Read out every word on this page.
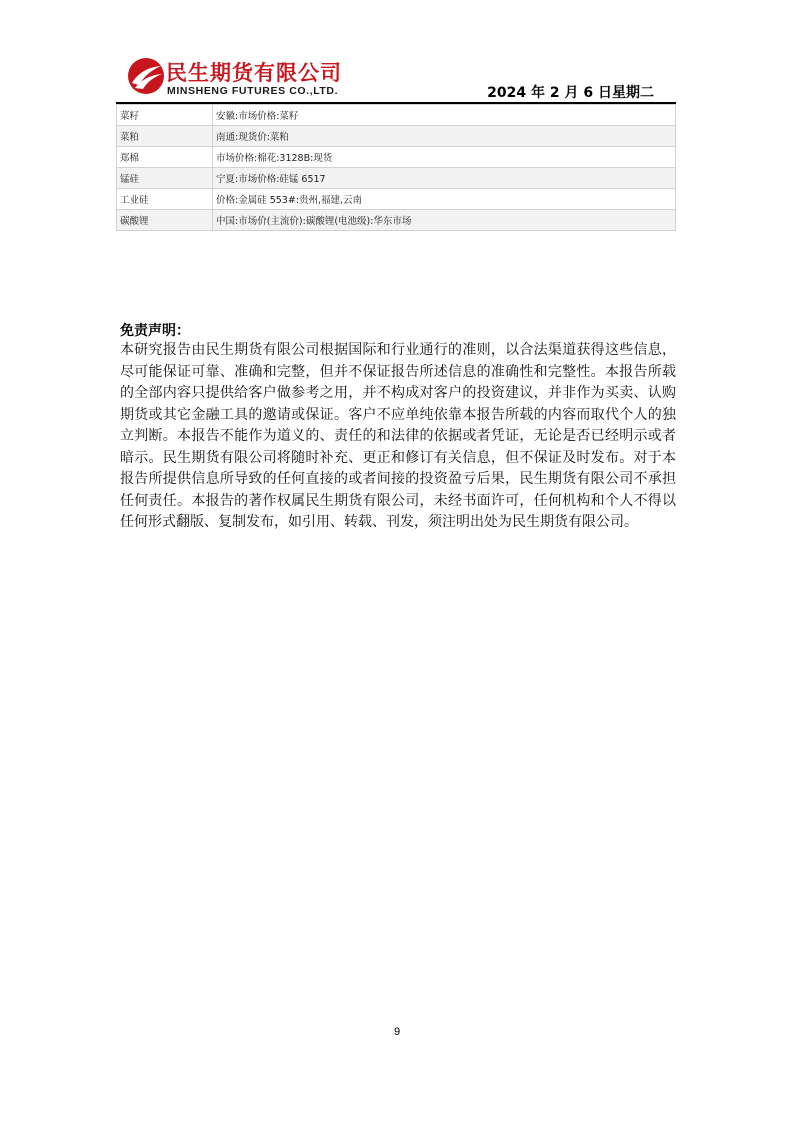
民生期货有限公司
MINSHENG FUTURES CO.,LTD.	2024 年 2 月 6 日星期二
菜籽	安徽:市场价格:菜籽
菜粕	南通:现货价:菜粕
郑棉	市场价格:棉花:3128B:现货
锰硅	宁夏:市场价格:硅锰 6517
工业硅	价格:金属硅 553#:贵州,福建,云南
碳酸锂	中国:市场价(主流价):碳酸锂(电池级):华东市场
免责声明：
本研究报告由民生期货有限公司根据国际和行业通行的准则，以合法渠道获得这些信息，尽可能保证可靠、准确和完整，但并不保证报告所述信息的准确性和完整性。本报告所载的全部内容只提供给客户做参考之用，并不构成对客户的投资建议，并非作为买卖、认购期货或其它金融工具的邀请或保证。客户不应单纯依靠本报告所载的内容而取代个人的独立判断。本报告不能作为道义的、责任的和法律的依据或者凭证，无论是否已经明示或者暗示。民生期货有限公司将随时补充、更正和修订有关信息，但不保证及时发布。对于本报告所提供信息所导致的任何直接的或者间接的投资盈亏后果，民生期货有限公司不承担任何责任。本报告的著作权属民生期货有限公司，未经书面许可，任何机构和个人不得以任何形式翻版、复制发布，如引用、转载、刊发，须注明出处为民生期货有限公司。
9
